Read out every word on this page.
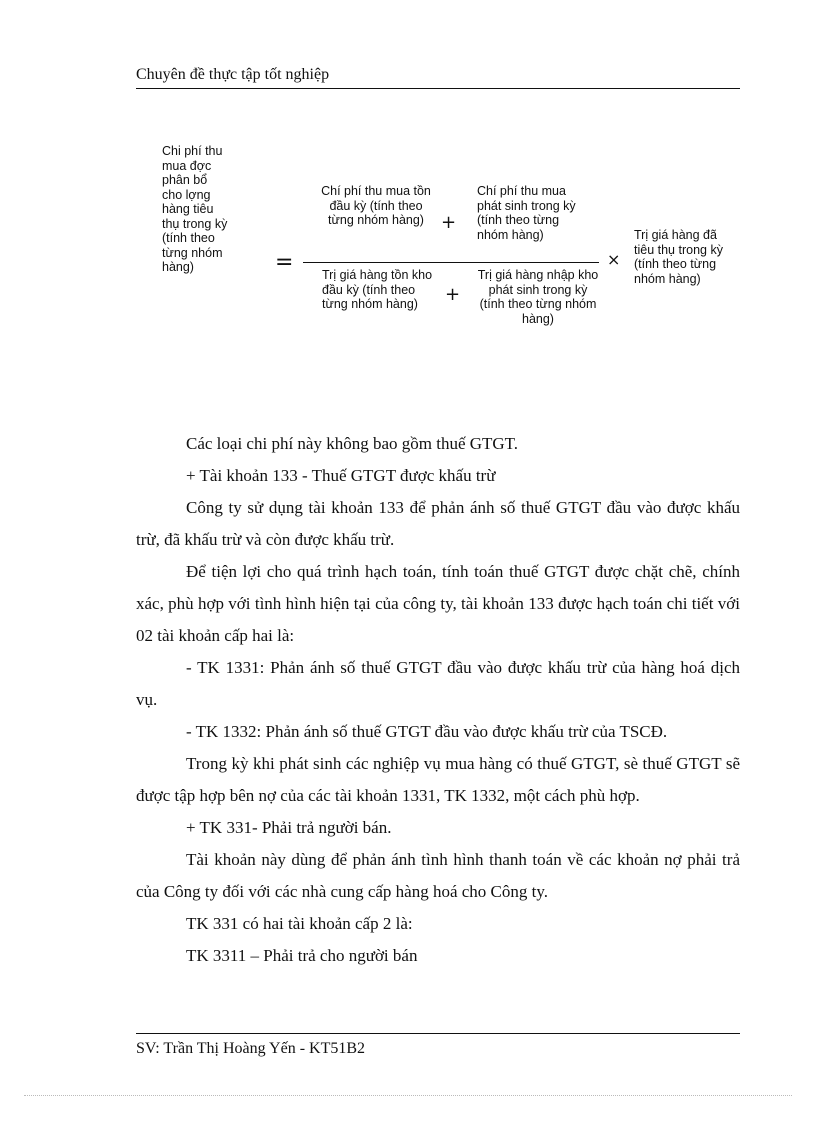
Chuyên đề thực tập tốt nghiệp
Chi phí thu mua đợc phân bổ cho lợng hàng tiêu thụ trong kỳ (tính theo từng nhóm hàng)	=
Chí phí thu mua tồn đầu kỳ (tính theo từng nhóm hàng) +
Chí phí thu mua phát sinh trong kỳ (tính theo từng nhóm hàng)
Trị giá hàng tồn kho đầu kỳ (tính theo từng nhóm hàng)	+
Trị giá hàng nhập kho phát sinh trong kỳ (tính theo từng nhóm hàng)
×
Trị giá hàng đã tiêu thụ trong kỳ (tính theo từng nhóm hàng)

Các loại chi phí này không bao gồm thuế GTGT.

+ Tài khoản 133 - Thuế GTGT được khấu trừ

Công ty sử dụng tài khoản 133 để phản ánh số thuế GTGT đầu vào được khấu trừ, đã khấu trừ và còn được khấu trừ.

Để tiện lợi cho quá trình hạch toán, tính toán thuế GTGT được chặt chẽ, chính xác, phù hợp với tình hình hiện tại của công ty, tài khoản 133 được hạch toán chi tiết với 02 tài khoản cấp hai là:

- TK 1331: Phản ánh số thuế GTGT đầu vào được khấu trừ của hàng hoá dịch vụ.

- TK 1332: Phản ánh số thuế GTGT đầu vào được khấu trừ của TSCĐ.

Trong kỳ khi phát sinh các nghiệp vụ mua hàng có thuế GTGT, sè thuế GTGT sẽ được tập hợp bên nợ của các tài khoản 1331, TK 1332, một cách phù hợp.

+ TK 331- Phải trả người bán.

Tài khoản này dùng để phản ánh tình hình thanh toán về các khoản nợ phải trả của Công ty đối với các nhà cung cấp hàng hoá cho Công ty.

TK 331 có hai tài khoản cấp 2 là:

TK 3311 – Phải trả cho người bán

SV: Trần Thị Hoàng Yến - KT51B2
